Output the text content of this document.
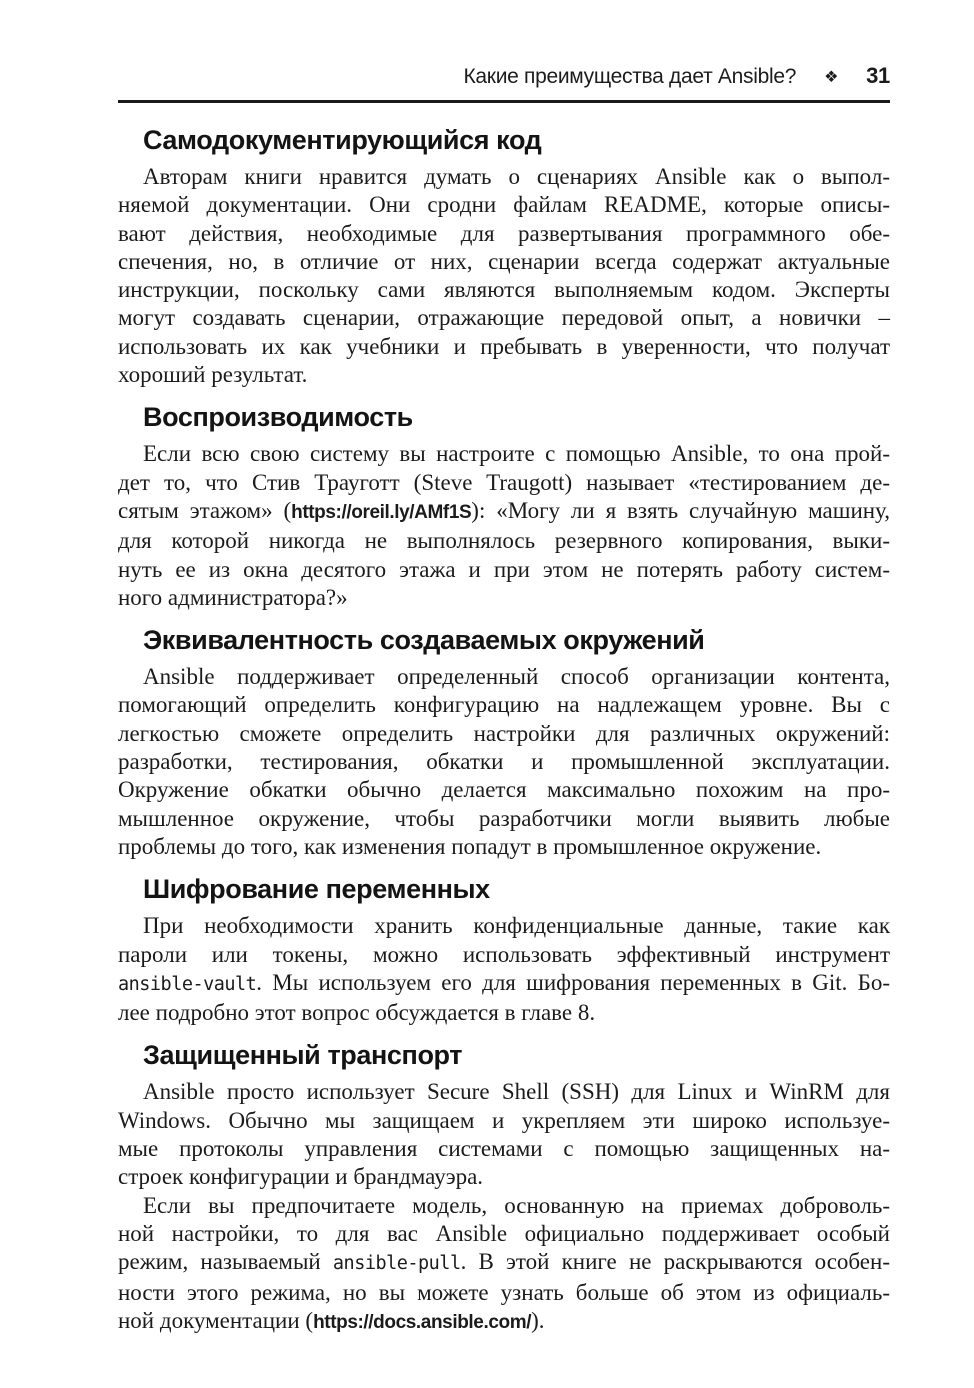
Какие преимущества дает Ansible? ❖ 31
Самодокументирующийся код
Авторам книги нравится думать о сценариях Ansible как о выпол-
няемой документации. Они сродни файлам README, которые описы-
вают действия, необходимые для развертывания программного обе-
спечения, но, в отличие от них, сценарии всегда содержат актуальные
инструкции, поскольку сами являются выполняемым кодом. Эксперты
могут создавать сценарии, отражающие передовой опыт, а новички –
использовать их как учебники и пребывать в уверенности, что получат
хороший результат.
Воспроизводимость
Если всю свою систему вы настроите с помощью Ansible, то она прой-
дет то, что Стив Трауготт (Steve Traugott) называет «тестированием де-
сятым этажом» (https://oreil.ly/AMf1S): «Могу ли я взять случайную машину,
для которой никогда не выполнялось резервного копирования, выки-
нуть ее из окна десятого этажа и при этом не потерять работу систем-
ного администратора?»
Эквивалентность создаваемых окружений
Ansible поддерживает определенный способ организации контента,
помогающий определить конфигурацию на надлежащем уровне. Вы с
легкостью сможете определить настройки для различных окружений:
разработки, тестирования, обкатки и промышленной эксплуатации.
Окружение обкатки обычно делается максимально похожим на про-
мышленное окружение, чтобы разработчики могли выявить любые
проблемы до того, как изменения попадут в промышленное окружение.
Шифрование переменных
При необходимости хранить конфиденциальные данные, такие как
пароли или токены, можно использовать эффективный инструмент
ansible-vault. Мы используем его для шифрования переменных в Git. Бо-
лее подробно этот вопрос обсуждается в главе 8.
Защищенный транспорт
Ansible просто использует Secure Shell (SSH) для Linux и WinRM для
Windows. Обычно мы защищаем и укрепляем эти широко используе-
мые протоколы управления системами с помощью защищенных на-
строек конфигурации и брандмауэра.
Если вы предпочитаете модель, основанную на приемах доброволь-
ной настройки, то для вас Ansible официально поддерживает особый
режим, называемый ansible-pull. В этой книге не раскрываются особен-
ности этого режима, но вы можете узнать больше об этом из официаль-
ной документации (https://docs.ansible.com/).
